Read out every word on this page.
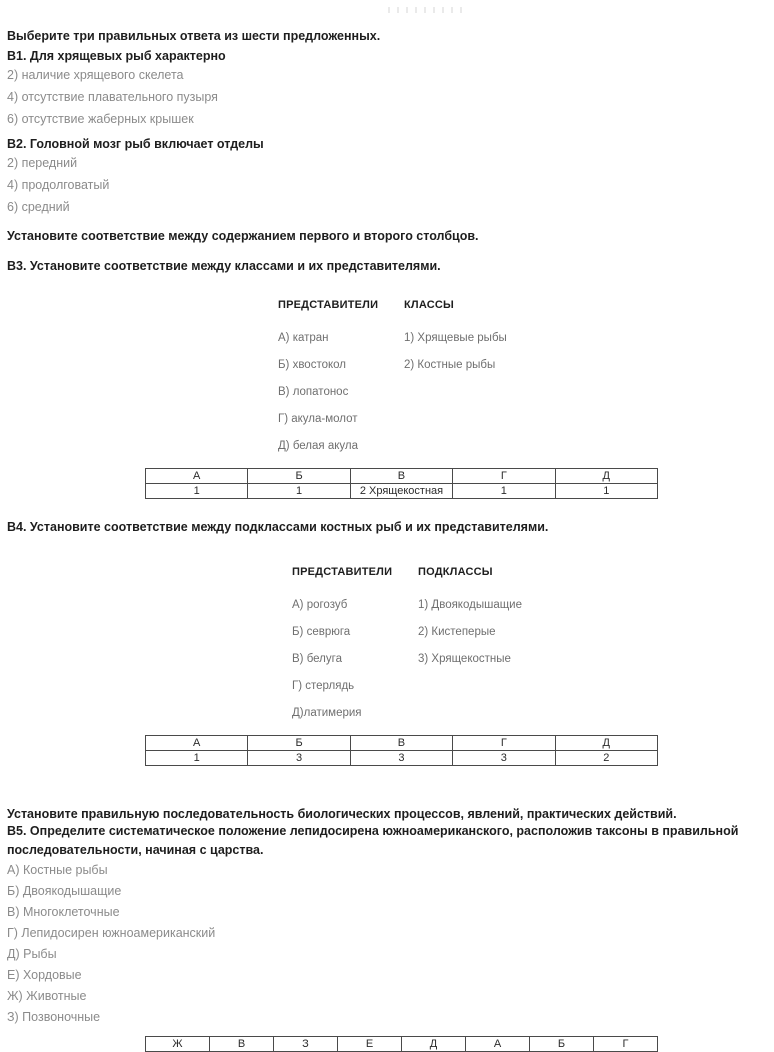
Выберите три правильных ответа из шести предложенных.

В1. Для хрящевых рыб характерно

2) наличие хрящевого скелета

4) отсутствие плавательного пузыря

6) отсутствие жаберных крышек

В2. Головной мозг рыб включает отделы

2) передний

4) продолговатый

6) средний

Установите соответствие между содержанием первого и второго столбцов.

В3. Установите соответствие между классами и их представителями.

ПРЕДСТАВИТЕЛИ
А) катран
Б) хвостокол
В) лопатонос
Г) акула-молот
Д) белая акула
КЛАССЫ
1) Хрящевые рыбы
2) Костные рыбы
А	Б	В	Г	Д
1	1	2 Хрящекостная	1	1

В4. Установите соответствие между подклассами костных рыб и их представителями.

ПРЕДСТАВИТЕЛИ
А) рогозуб
Б) севрюга
В) белуга
Г) стерлядь
Д)латимерия
ПОДКЛАССЫ
1) Двоякодышащие
2) Кистеперые
3) Хрящекостные
А	Б	В	Г	Д
1	3	3	3	2

Установите правильную последовательность биологических процессов, явлений, практических действий.

В5. Определите систематическое положение лепидосирена южноамериканского, расположив таксоны в правильной последовательности, начиная с царства.

А) Костные рыбы

Б) Двоякодышащие

В) Многоклеточные

Г) Лепидосирен южноамериканский

Д) Рыбы

Е) Хордовые

Ж) Животные

З) Позвоночные

Ж	В	З	Е	Д	А	Б	Г
